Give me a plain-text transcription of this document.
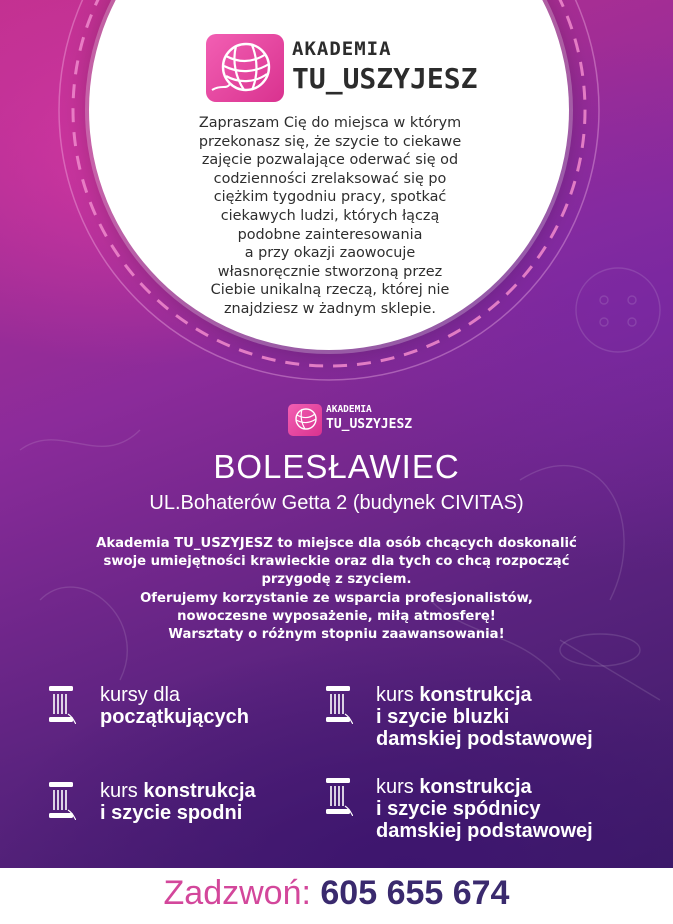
AKADEMIA
TU_USZYJESZ
Zapraszam Cię do miejsca w którym
przekonasz się, że szycie to ciekawe
zajęcie pozwalające oderwać się od
codzienności zrelaksować się po
ciężkim tygodniu pracy, spotkać
ciekawych ludzi, których łączą
podobne zainteresowania
a przy okazji zaowocuje
własnoręcznie stworzoną przez
Ciebie unikalną rzeczą, której nie
znajdziesz w żadnym sklepie.
AKADEMIA
TU_USZYJESZ
BOLESŁAWIEC
UL.Bohaterów Getta 2 (budynek CIVITAS)
Akademia TU_USZYJESZ to miejsce dla osób chcących doskonalić
swoje umiejętności krawieckie oraz dla tych co chcą rozpocząć
przygodę z szyciem.
Oferujemy korzystanie ze wsparcia profesjonalistów,
nowoczesne wyposażenie, miłą atmosferę!
Warsztaty o różnym stopniu zaawansowania!
kursy dla
początkujących
kurs konstrukcja
i szycie bluzki
damskiej podstawowej
kurs konstrukcja
i szycie spodni
kurs konstrukcja
i szycie spódnicy
damskiej podstawowej
Zadzwoń: 605 655 674
